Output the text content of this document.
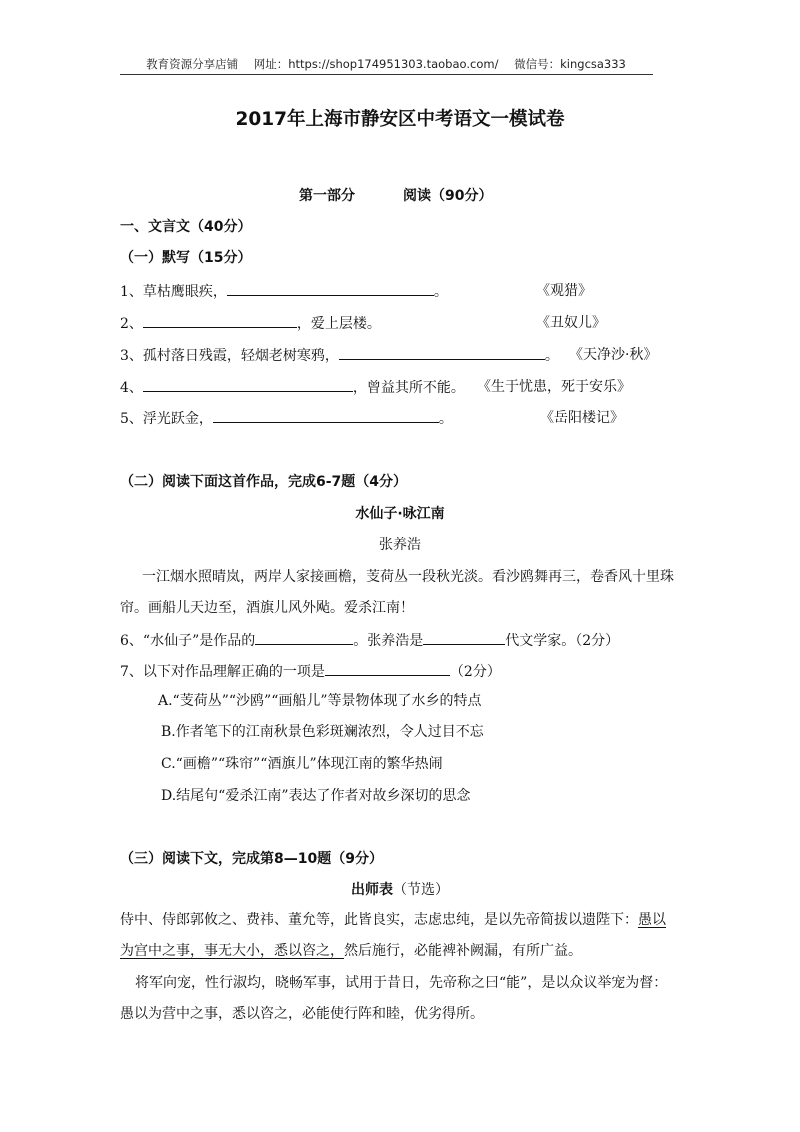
教育资源分享店铺 网址：https://shop174951303.taobao.com/ 微信号：kingcsa333
2017年上海市静安区中考语文一模试卷
第一部分	阅读（90分）
一、文言文（40分）
（一）默写（15分）
1、草枯鹰眼疾，	。	《观猎》
2、	，爱上层楼。	《丑奴儿》
3、孤村落日残霞，轻烟老树寒鸦，	。 《天净沙·秋》
4、	，曾益其所不能。 《生于忧患，死于安乐》
5、浮光跃金，	。	《岳阳楼记》
（二）阅读下面这首作品，完成6-7题（4分）
水仙子·咏江南
张养浩
一江烟水照晴岚，两岸人家接画檐，芰荷丛一段秋光淡。看沙鸥舞再三，卷香风十里珠
帘。画船儿天边至，酒旗儿风外飐。爱杀江南！
6、“水仙子”是作品的	。张养浩是	代文学家。（2分）
7、以下对作品理解正确的一项是	（2分）
A.“芰荷丛”“沙鸥”“画船儿”等景物体现了水乡的特点
B.作者笔下的江南秋景色彩斑斓浓烈，令人过目不忘
C.“画檐”“珠帘”“酒旗儿”体现江南的繁华热闹
D.结尾句“爱杀江南”表达了作者对故乡深切的思念
（三）阅读下文，完成第8—10题（9分）
出师表（节选）
侍中、侍郎郭攸之、费祎、董允等，此皆良实，志虑忠纯，是以先帝简拔以遗陛下：愚以
为宫中之事，事无大小，悉以咨之，然后施行，必能裨补阙漏，有所广益。
将军向宠，性行淑均，晓畅军事，试用于昔日，先帝称之曰“能”，是以众议举宠为督：
愚以为营中之事，悉以咨之，必能使行阵和睦，优劣得所。
